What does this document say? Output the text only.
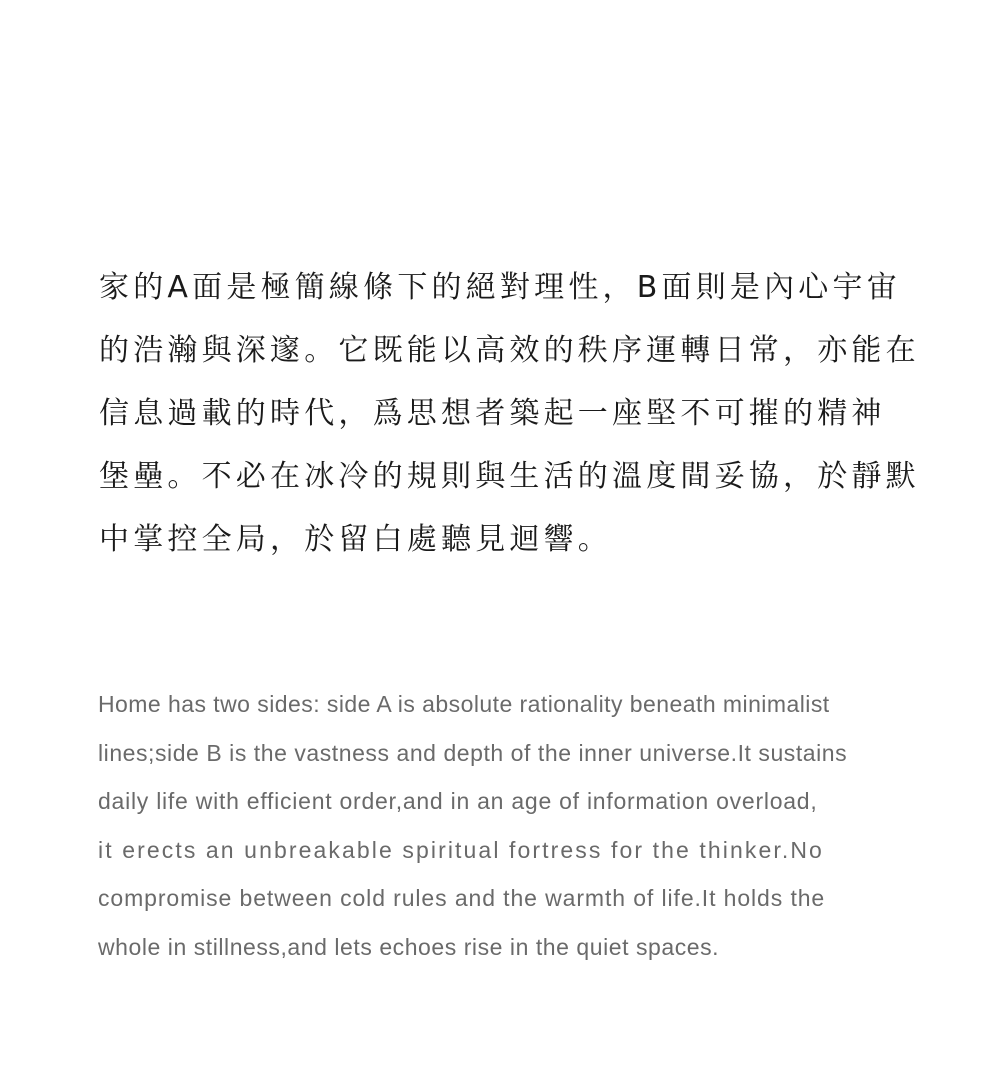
家的A面是極簡線條下的絕對理性，B面則是內心宇宙
的浩瀚與深邃。它既能以高效的秩序運轉日常，亦能在
信息過載的時代，爲思想者築起一座堅不可摧的精神
堡壘。不必在冰冷的規則與生活的溫度間妥協，於靜默
中掌控全局，於留白處聽見迴響。
Home has two sides: side A is absolute rationality beneath minimalist
lines;side B is the vastness and depth of the inner universe.It sustains
daily life with efficient order,and in an age of information overload,
it erects an unbreakable spiritual fortress for the thinker.No
compromise between cold rules and the warmth of life.It holds the
whole in stillness,and lets echoes rise in the quiet spaces.
